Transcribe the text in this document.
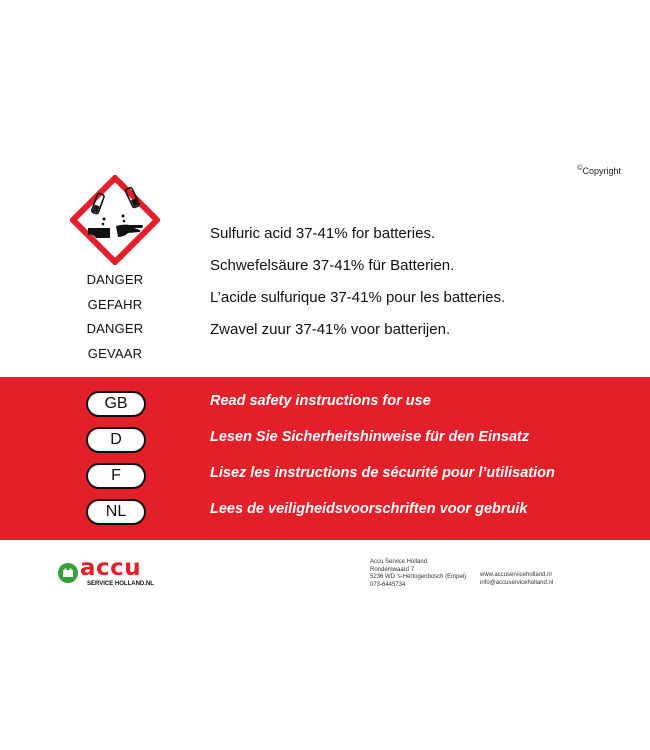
©Copyright
DANGER
GEFAHR
DANGER
GEVAAR
Sulfuric acid 37-41% for batteries.
Schwefelsäure 37-41% für Batterien.
L’acide sulfurique 37-41% pour les batteries.
Zwavel zuur 37-41% voor batterijen.
GB	Read safety instructions for use
D	Lesen Sie Sicherheitshinweise für den Einsatz
F	Lisez les instructions de sécurité pour l’utilisation
NL	Lees de veiligheidsvoorschriften voor gebruik
accu
SERVICE HOLLAND.NL
Accu Service Holland
Rondemwaard 7
5236 WD 's-Hertogenbosch (Empel)
073-6445734
www.accuserviceholland.nl
info@accuserviceholland.nl
